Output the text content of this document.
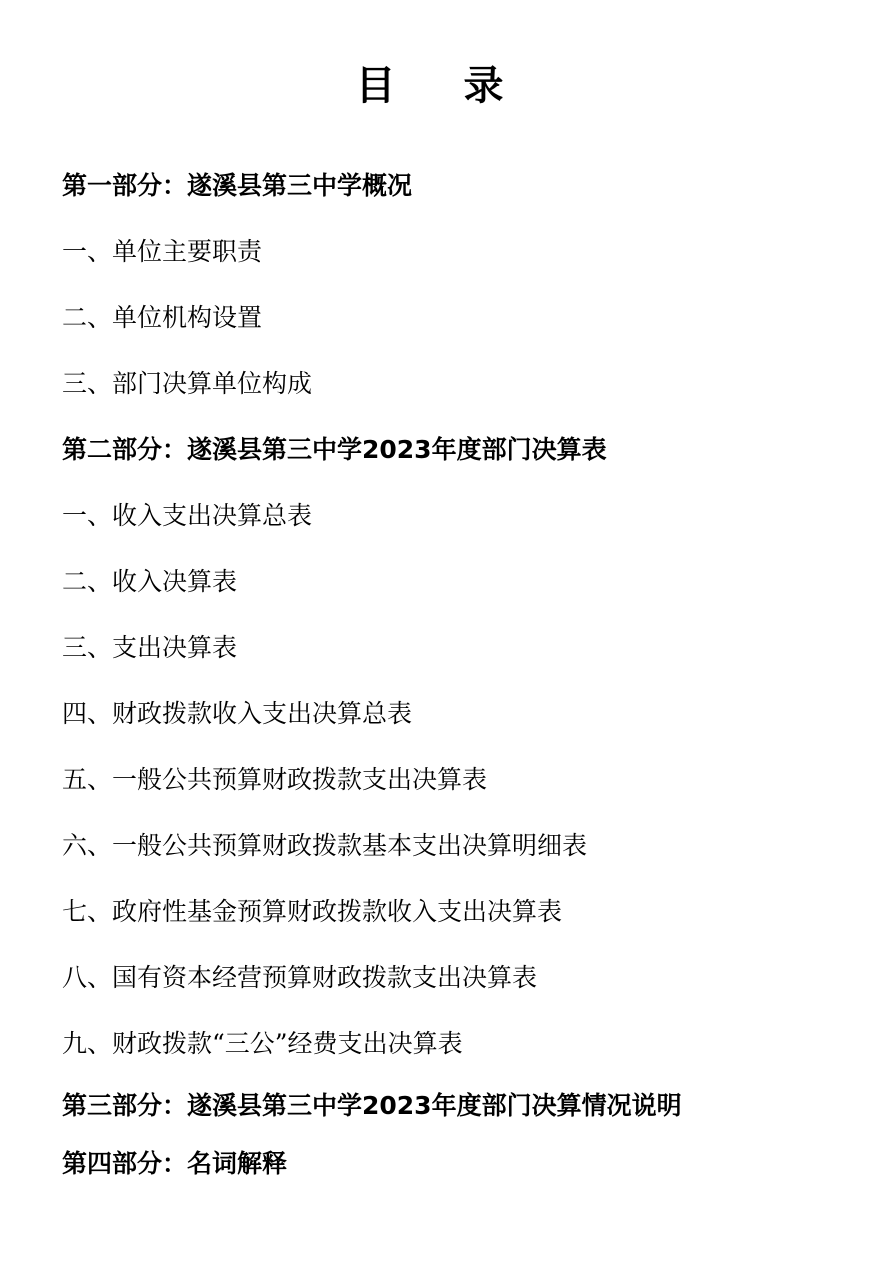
目　录
第一部分：遂溪县第三中学概况
一、单位主要职责
二、单位机构设置
三、部门决算单位构成
第二部分：遂溪县第三中学2023年度部门决算表
一、收入支出决算总表
二、收入决算表
三、支出决算表
四、财政拨款收入支出决算总表
五、一般公共预算财政拨款支出决算表
六、一般公共预算财政拨款基本支出决算明细表
七、政府性基金预算财政拨款收入支出决算表
八、国有资本经营预算财政拨款支出决算表
九、财政拨款“三公”经费支出决算表
第三部分：遂溪县第三中学2023年度部门决算情况说明
第四部分：名词解释
